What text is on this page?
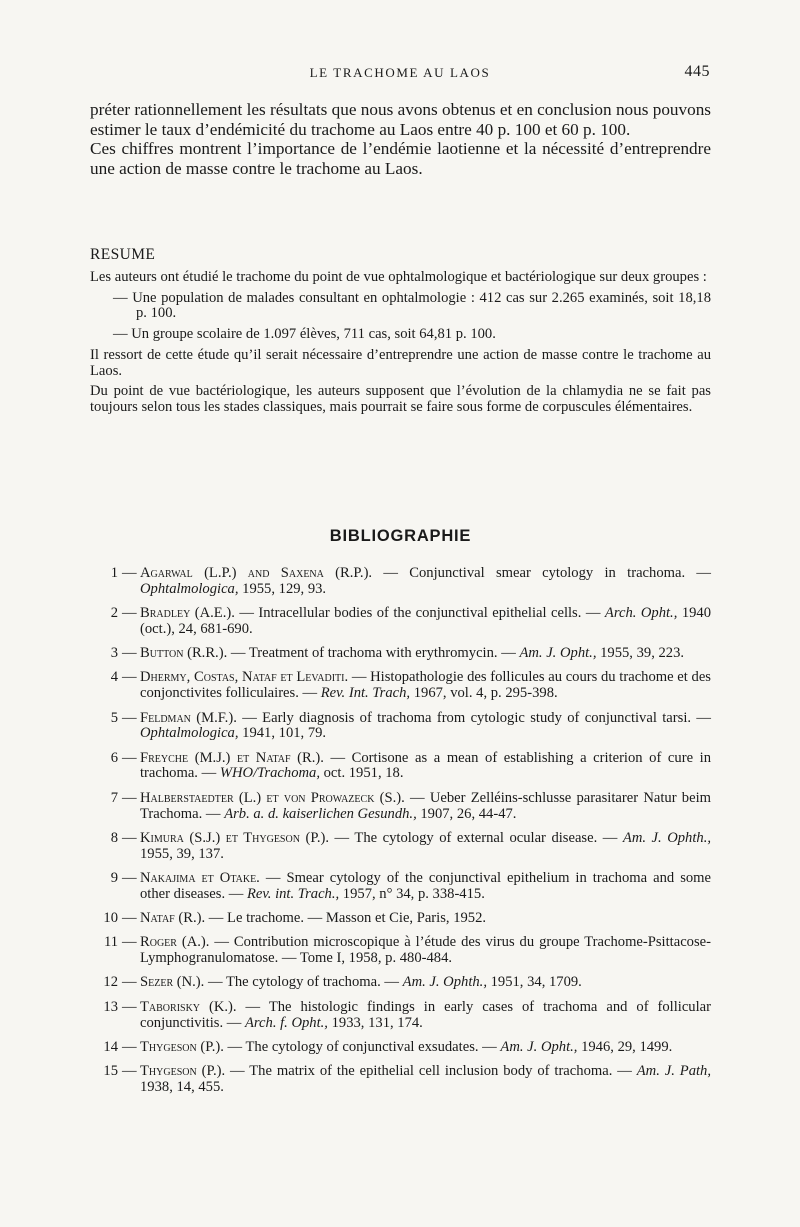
LE TRACHOME AU LAOS	445

préter rationnellement les résultats que nous avons obtenus et en conclusion nous pouvons estimer le taux d’endémicité du trachome au Laos entre 40 p. 100 et 60 p. 100.

Ces chiffres montrent l’importance de l’endémie laotienne et la nécessité d’entreprendre une action de masse contre le trachome au Laos.

RESUME

Les auteurs ont étudié le trachome du point de vue ophtalmologique et bactériologique sur deux groupes :

— Une population de malades consultant en ophtalmologie : 412 cas sur 2.265 examinés, soit 18,18 p. 100.

— Un groupe scolaire de 1.097 élèves, 711 cas, soit 64,81 p. 100.

Il ressort de cette étude qu’il serait nécessaire d’entreprendre une action de masse contre le trachome au Laos.

Du point de vue bactériologique, les auteurs supposent que l’évolution de la chlamydia ne se fait pas toujours selon tous les stades classiques, mais pourrait se faire sous forme de corpuscules élémentaires.

BIBLIOGRAPHIE
1 — Agarwal (L.P.) and Saxena (R.P.). — Conjunctival smear cytology in trachoma. — Ophtalmologica, 1955, 129, 93.
2 — Bradley (A.E.). — Intracellular bodies of the conjunctival epithelial cells. — Arch. Opht., 1940 (oct.), 24, 681-690.
3 — Button (R.R.). — Treatment of trachoma with erythromycin. — Am. J. Opht., 1955, 39, 223.
4 — Dhermy, Costas, Nataf et Levaditi. — Histopathologie des follicules au cours du trachome et des conjonctivites folliculaires. — Rev. Int. Trach, 1967, vol. 4, p. 295-398.
5 — Feldman (M.F.). — Early diagnosis of trachoma from cytologic study of conjunctival tarsi. — Ophtalmologica, 1941, 101, 79.
6 — Freyche (M.J.) et Nataf (R.). — Cortisone as a mean of establishing a criterion of cure in trachoma. — WHO/Trachoma, oct. 1951, 18.
7 — Halberstaedter (L.) et von Prowazeck (S.). — Ueber Zelléins-schlusse parasitarer Natur beim Trachoma. — Arb. a. d. kaiserlichen Gesundh., 1907, 26, 44-47.
8 — Kimura (S.J.) et Thygeson (P.). — The cytology of external ocular disease. — Am. J. Ophth., 1955, 39, 137.
9 — Nakajima et Otake. — Smear cytology of the conjunctival epithelium in trachoma and some other diseases. — Rev. int. Trach., 1957, n° 34, p. 338-415.
10 — Nataf (R.). — Le trachome. — Masson et Cie, Paris, 1952.
11 — Roger (A.). — Contribution microscopique à l’étude des virus du groupe Trachome-Psittacose-Lymphogranulomatose. — Tome I, 1958, p. 480-484.
12 — Sezer (N.). — The cytology of trachoma. — Am. J. Ophth., 1951, 34, 1709.
13 — Taborisky (K.). — The histologic findings in early cases of trachoma and of follicular conjunctivitis. — Arch. f. Opht., 1933, 131, 174.
14 — Thygeson (P.). — The cytology of conjunctival exsudates. — Am. J. Opht., 1946, 29, 1499.
15 — Thygeson (P.). — The matrix of the epithelial cell inclusion body of trachoma. — Am. J. Path, 1938, 14, 455.
